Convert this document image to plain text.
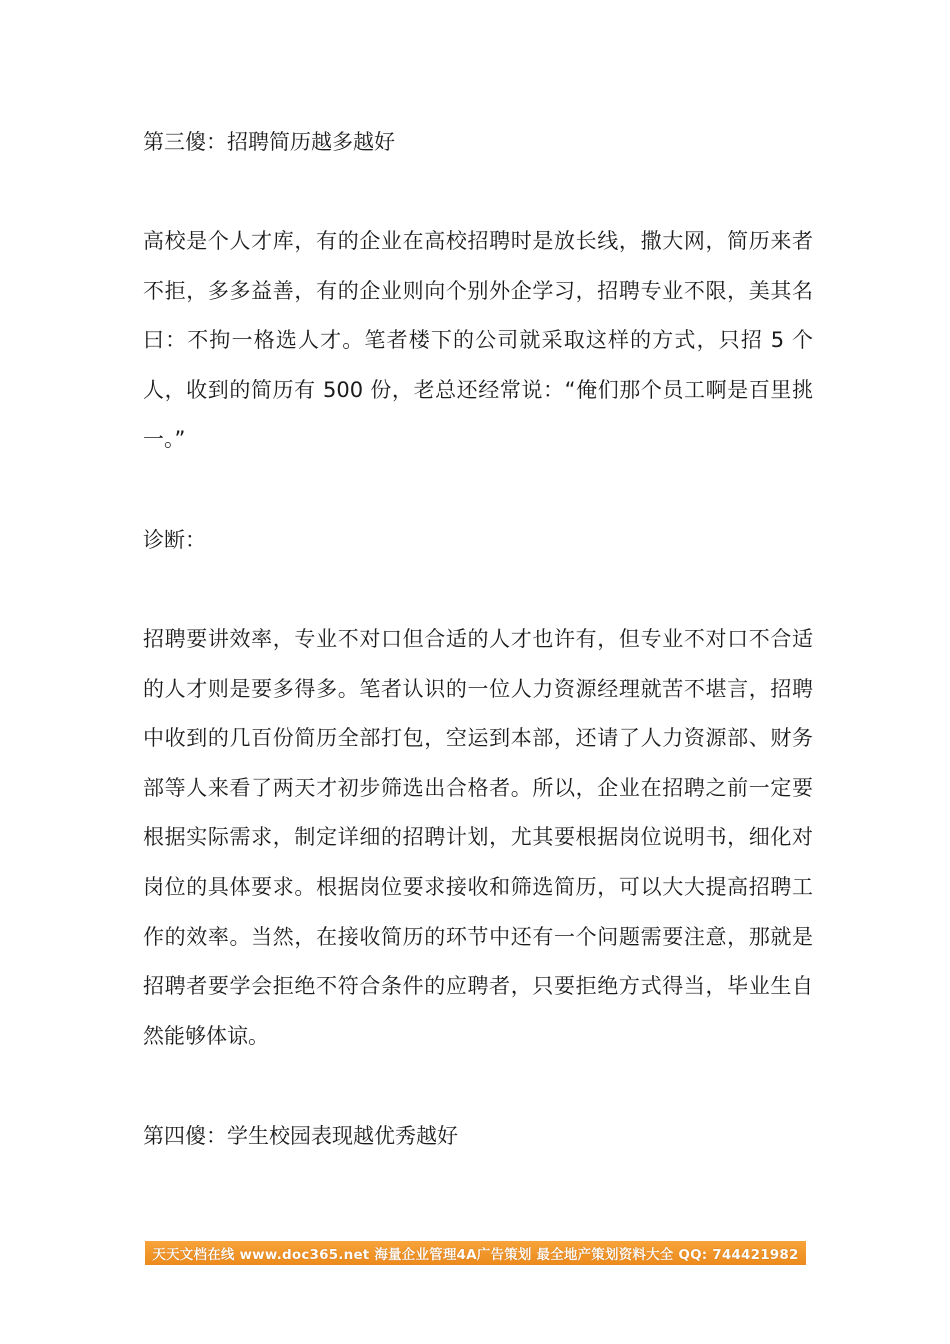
第三傻：招聘简历越多越好

高校是个人才库，有的企业在高校招聘时是放长线，撒大网，简历来者不拒，多多益善，有的企业则向个别外企学习，招聘专业不限，美其名曰：不拘一格选人才。笔者楼下的公司就采取这样的方式，只招 5 个人，收到的简历有 500 份，老总还经常说：“俺们那个员工啊是百里挑一。”

诊断：

招聘要讲效率，专业不对口但合适的人才也许有，但专业不对口不合适的人才则是要多得多。笔者认识的一位人力资源经理就苦不堪言，招聘中收到的几百份简历全部打包，空运到本部，还请了人力资源部、财务部等人来看了两天才初步筛选出合格者。所以，企业在招聘之前一定要根据实际需求，制定详细的招聘计划，尤其要根据岗位说明书，细化对岗位的具体要求。根据岗位要求接收和筛选简历，可以大大提高招聘工作的效率。当然，在接收简历的环节中还有一个问题需要注意，那就是招聘者要学会拒绝不符合条件的应聘者，只要拒绝方式得当，毕业生自然能够体谅。

第四傻：学生校园表现越优秀越好

天天文档在线 www.doc365.net 海量企业管理4A广告策划 最全地产策划资料大全 QQ: 744421982
